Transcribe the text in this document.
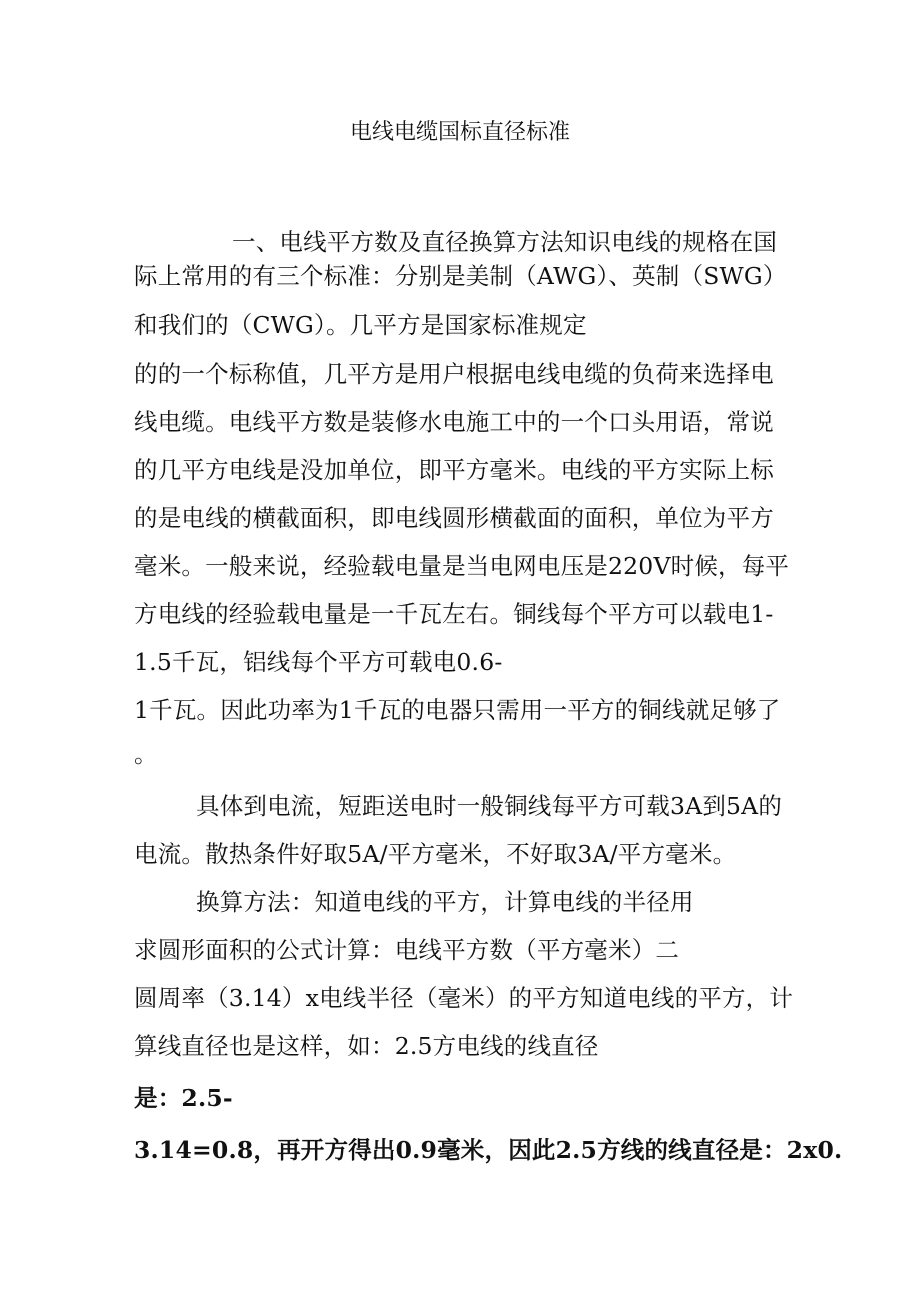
电线电缆国标直径标准
一、电线平方数及直径换算方法知识电线的规格在国
际上常用的有三个标准：分别是美制（AWG）、英制（SWG）
和我们的（CWG）。几平方是国家标准规定
的的一个标称值，几平方是用户根据电线电缆的负荷来选择电
线电缆。电线平方数是装修水电施工中的一个口头用语，常说
的几平方电线是没加单位，即平方毫米。电线的平方实际上标
的是电线的横截面积，即电线圆形横截面的面积，单位为平方
毫米。一般来说，经验载电量是当电网电压是220V时候，每平
方电线的经验载电量是一千瓦左右。铜线每个平方可以载电1-
1.5千瓦，铝线每个平方可载电0.6-
1千瓦。因此功率为1千瓦的电器只需用一平方的铜线就足够了
。
具体到电流，短距送电时一般铜线每平方可载3A到5A的
电流。散热条件好取5A/平方毫米，不好取3A/平方毫米。
换算方法：知道电线的平方，计算电线的半径用
求圆形面积的公式计算：电线平方数（平方毫米）二
圆周率（3.14）x电线半径（毫米）的平方知道电线的平方，计
算线直径也是这样，如：2.5方电线的线直径
是：2.5-
3.14=0.8，再开方得出0.9毫米，因此2.5方线的线直径是：2x0.
